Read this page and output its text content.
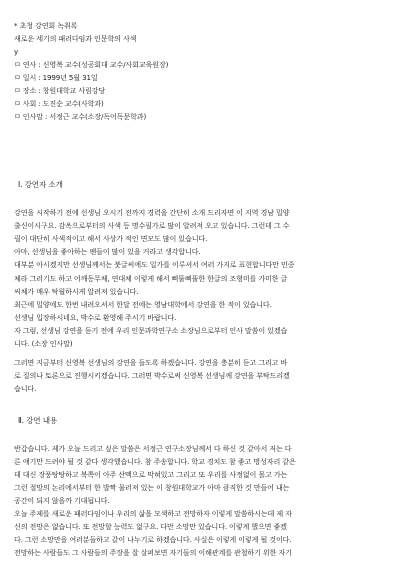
* 초청 강연회 녹취록
새로운 세기의 패러다임과 인문학의 사색
y
ㅁ 연사 : 신영복 교수(성공회대 교수/사회교육원장)
ㅁ 일시 : 1999년 5월 31일
ㅁ 장소 : 창원대학교 사림강당
ㅁ 사회 : 도진순 교수(사학과)
ㅁ 인사말 : 서정근 교수(소장/독어독문학과)
Ⅰ. 강연자 소개
강연을 시작하기 전에 선생님 오시기 전까지 경력을 간단히 소개 드리자면 이 지역 경남 밀양
출신이시구요. 감옥으로부터의 사색 등 명수필가로 많이 알려져 오고 있습니다. 그런데 그 수
필이 대단히 사색적이고 해서 사상가 적인 면모도 많이 있습니다.
아마, 선생님을 좋아하는 팬들이 많이 있을 거라고 생각합니다.
대부분 아시겠지만 선생님께서는 붓글씨에도 일가를 이루셔서 여러 가지로 표현합니다만 민중
체라 그러기도 하고 어깨동무체, 연대체 이렇게 해서 삐뚤삐뚤한 한글의 조형미를 가미한 글
씨체가 매우 탁월하시게 알려져 있습니다.
최근에 밀양에도 한번 내려오셔서 한달 전에는 영남대학에서 강연을 한 적이 있습니다.
선생님 입장하시네요, 박수로 환영해 주시기 바랍니다.
자 그럼, 선생님 강연을 듣기 전에 우리 인문과학연구소 소장님으로부터 인사 말씀이 있겠습
니다. (소장 인사말)
그러면 지금부터 신영복 선생님의 강연을 들도록 하겠습니다. 강연을 충분히 듣고 그리고 바
로 질의나 토론으로 진행시키겠습니다. 그러면 박수로써 신영복 선생님께 강연을 부탁드리겠
습니다.
Ⅱ. 강연 내용
반갑습니다. 제가 오늘 드리고 싶은 말씀은 서정근 연구소장님께서 다 하신 것 같아서 저는 다
른 얘기만 드려야 될 것 같다 생각했습니다. 참 주송합니다. 학교 경치도 참 좋고 명성자리 같은
데 대신 장풍탕탕하고 북쪽이 아주 산맥으로 막혀있고 그리고 또 우리를 사정없이 몰고 가는
그런 절망의 논리에서부터 한 발짝 물러져 있는 이 창원대학교가 아마 큼직한 것 만들어 내는
공간이 되지 않을까 기대됩니다.
오늘 주제를 새로운 패러다임이나 우리의 삶을 모색하고 전망하자 이렇게 말씀하시는데 제 자
신의 전망은 없습니다. 또 전망할 능력도 없구요. 다만 소망만 있습니다. 이렇게 했으면 좋겠
다. 그런 소망만을 여러분들하고 같이 나누기로 하겠습니다. 사실은 이렇게 이렇게 될 것이다.
전망하는 사람들도 그 사람들의 주장을 잘 살펴보면 자기들의 이해관계를 관철하기 위한 자기
